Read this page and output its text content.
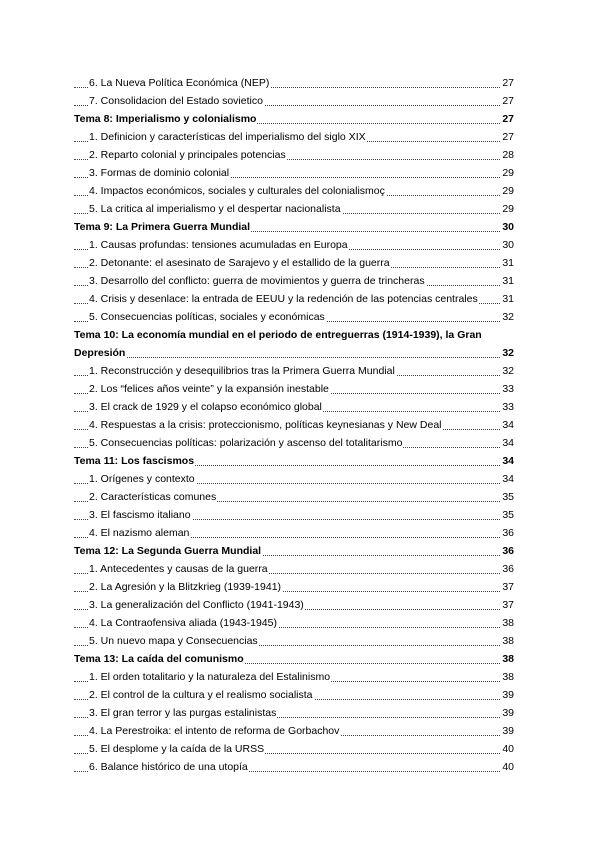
6. La Nueva Política Económica (NEP)	27
7. Consolidacion del Estado sovietico	27
Tema 8: Imperialismo y colonialismo	27
1. Definicion y características del imperialismo del siglo XIX	27
2. Reparto colonial y principales potencias	28
3. Formas de dominio colonial	29
4. Impactos económicos, sociales y culturales del colonialismoç	29
5. La critica al imperialismo y el despertar nacionalista	29
Tema 9: La Primera Guerra Mundial	30
1. Causas profundas: tensiones acumuladas en Europa	30
2. Detonante: el asesinato de Sarajevo y el estallido de la guerra	31
3. Desarrollo del conflicto: guerra de movimientos y guerra de trincheras	31
4. Crisis y desenlace: la entrada de EEUU y la redención de las potencias centrales 31
5. Consecuencias políticas, sociales y económicas	32
Tema 10: La economía mundial en el periodo de entreguerras (1914-1939), la Gran
Depresión	32
1. Reconstrucción y desequilibrios tras la Primera Guerra Mundial	32
2. Los “felices años veinte” y la expansión inestable	33
3. El crack de 1929 y el colapso económico global	33
4. Respuestas a la crisis: proteccionismo, políticas keynesianas y New Deal	34
5. Consecuencias políticas: polarización y ascenso del totalitarismo	34
Tema 11: Los fascismos	34
1. Orígenes y contexto	34
2. Características comunes	35
3. El fascismo italiano	35
4. El nazismo aleman	36
Tema 12: La Segunda Guerra Mundial	36
1. Antecedentes y causas de la guerra	36
2. La Agresión y la Blitzkrieg (1939-1941)	37
3. La generalización del Conflicto (1941-1943)	37
4. La Contraofensiva aliada (1943-1945)	38
5. Un nuevo mapa y Consecuencias	38
Tema 13: La caída del comunismo	38
1. El orden totalitario y la naturaleza del Estalinismo	38
2. El control de la cultura y el realismo socialista	39
3. El gran terror y las purgas estalinistas	39
4. La Perestroika: el intento de reforma de Gorbachov	39
5. El desplome y la caída de la URSS	40
6. Balance histórico de una utopía	40
